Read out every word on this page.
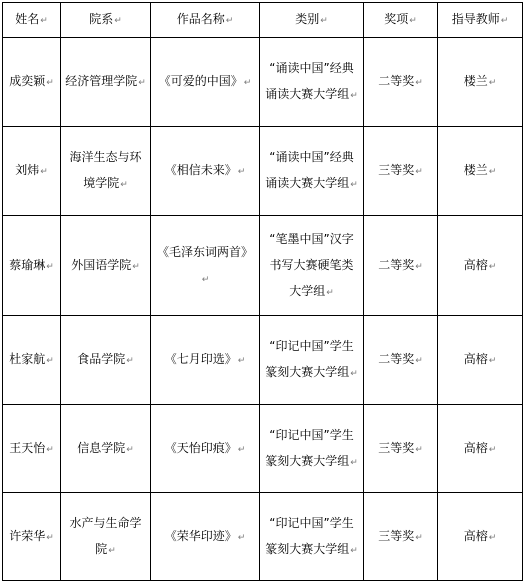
姓名↵	院系↵	作品名称↵	类别↵	奖项↵	指导教师↵
成奕颖↵	经济管理学院↵	《可爱的中国》↵	“诵读中国”经典诵读大赛大学组↵	二等奖↵	楼兰↵
刘炜↵	海洋生态与环境学院↵	《相信未来》↵	“诵读中国”经典诵读大赛大学组↵	三等奖↵	楼兰↵
蔡瑜琳↵	外国语学院↵	《毛泽东词两首》↵	“笔墨中国”汉字书写大赛硬笔类大学组↵	二等奖↵	高榕↵
杜家航↵	食品学院↵	《七月印选》↵	“印记中国”学生篆刻大赛大学组↵	二等奖↵	高榕↵
王天怡↵	信息学院↵	《天怡印痕》↵	“印记中国”学生篆刻大赛大学组↵	三等奖↵	高榕↵
许荣华↵	水产与生命学院↵	《荣华印迹》↵	“印记中国”学生篆刻大赛大学组↵	三等奖↵	高榕↵
